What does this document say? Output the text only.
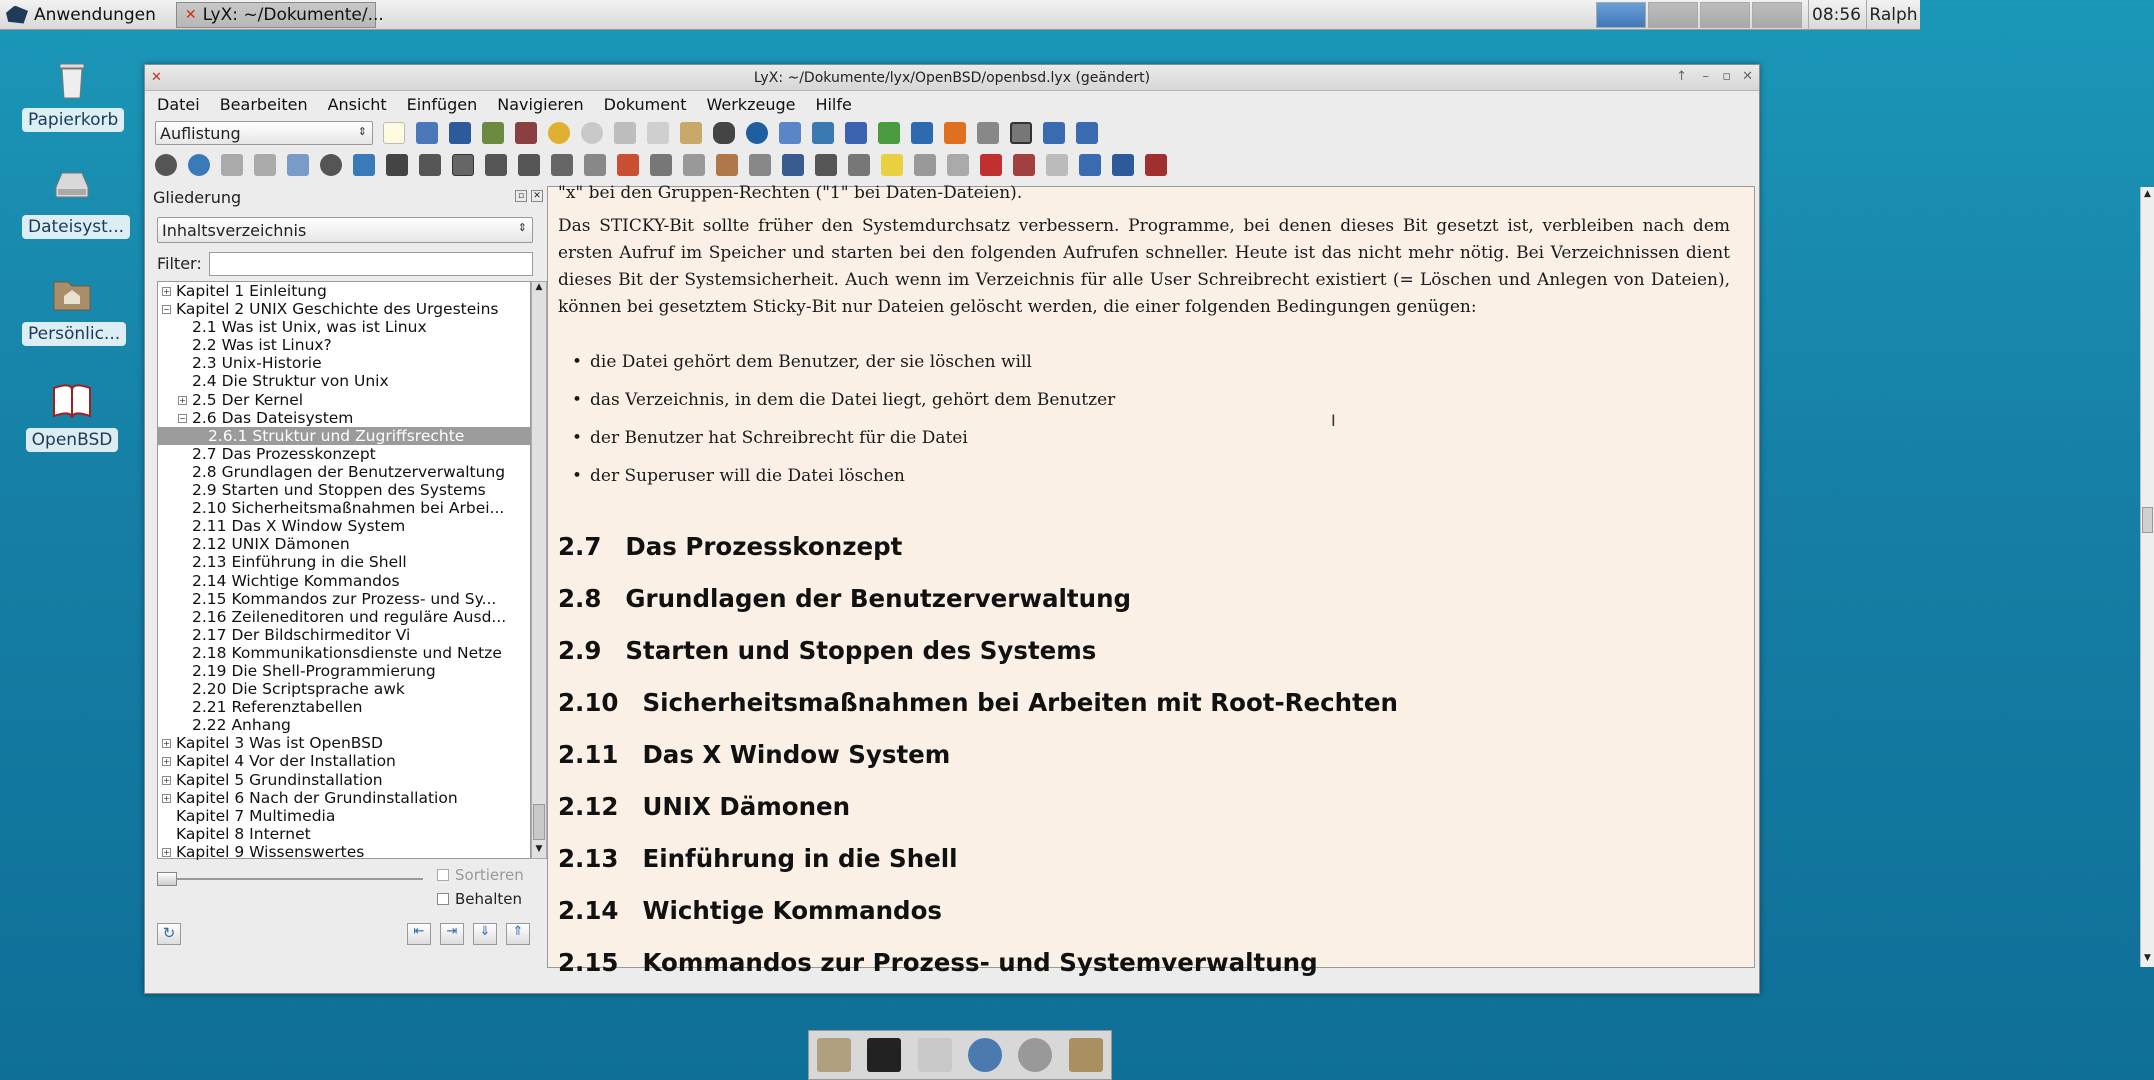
Anwendungen ✕ LyX: ~/Dokumente/...	08:56 Ralph
Papierkorb
Dateisyst...
Persönlic...
OpenBSD
✕	LyX: ~/Dokumente/lyx/OpenBSD/openbsd.lyx (geändert)	↑ – ▫ ✕
Datei Bearbeiten Ansicht Einfügen Navigieren Dokument Werkzeuge Hilfe
Auflistung	⇕
Gliederung	▫	✕
Inhaltsverzeichnis	⇕
Filter:
+ Kapitel 1 Einleitung
− Kapitel 2 UNIX Geschichte des Urgesteins
2.1 Was ist Unix, was ist Linux
2.2 Was ist Linux?
2.3 Unix-Historie
2.4 Die Struktur von Unix
+ 2.5 Der Kernel
− 2.6 Das Dateisystem
2.6.1 Struktur und Zugriffsrechte
2.7 Das Prozesskonzept
2.8 Grundlagen der Benutzerverwaltung
2.9 Starten und Stoppen des Systems
2.10 Sicherheitsmaßnahmen bei Arbei...
2.11 Das X Window System
2.12 UNIX Dämonen
2.13 Einführung in die Shell
2.14 Wichtige Kommandos
2.15 Kommandos zur Prozess- und Sy...
2.16 Zeileneditoren und reguläre Ausd...
2.17 Der Bildschirmeditor Vi
2.18 Kommunikationsdienste und Netze
2.19 Die Shell-Programmierung
2.20 Die Scriptsprache awk
2.21 Referenztabellen
2.22 Anhang
+ Kapitel 3 Was ist OpenBSD
+ Kapitel 4 Vor der Installation
+ Kapitel 5 Grundinstallation
+ Kapitel 6 Nach der Grundinstallation
Kapitel 7 Multimedia
Kapitel 8 Internet
+ Kapitel 9 Wissenswertes
▲
▼
Sortieren
Behalten
↻	⇤	⇥	⇓	⇑
"x" bei den Gruppen-Rechten ("1" bei Daten-Dateien).
Das STICKY-Bit sollte früher den Systemdurchsatz verbessern. Programme, bei denen dieses Bit gesetzt ist, verbleiben nach dem ersten Aufruf im Speicher und starten bei den folgenden Aufrufen schneller. Heute ist das nicht mehr nötig. Bei Verzeichnissen dient dieses Bit der Systemsicherheit. Auch wenn im Verzeichnis für alle User Schreibrecht existiert (= Löschen und Anlegen von Dateien), können bei gesetztem Sticky-Bit nur Dateien gelöscht werden, die einer folgenden Bedingungen genügen:
• die Datei gehört dem Benutzer, der sie löschen will
• das Verzeichnis, in dem die Datei liegt, gehört dem Benutzer
• der Benutzer hat Schreibrecht für die Datei
• der Superuser will die Datei löschen
2.7 Das Prozesskonzept
2.8 Grundlagen der Benutzerverwaltung
2.9 Starten und Stoppen des Systems
2.10 Sicherheitsmaßnahmen bei Arbeiten mit Root-Rechten
2.11 Das X Window System
2.12 UNIX Dämonen
2.13 Einführung in die Shell
2.14 Wichtige Kommandos
2.15 Kommandos zur Prozess- und Systemverwaltung
I
▲
▼
